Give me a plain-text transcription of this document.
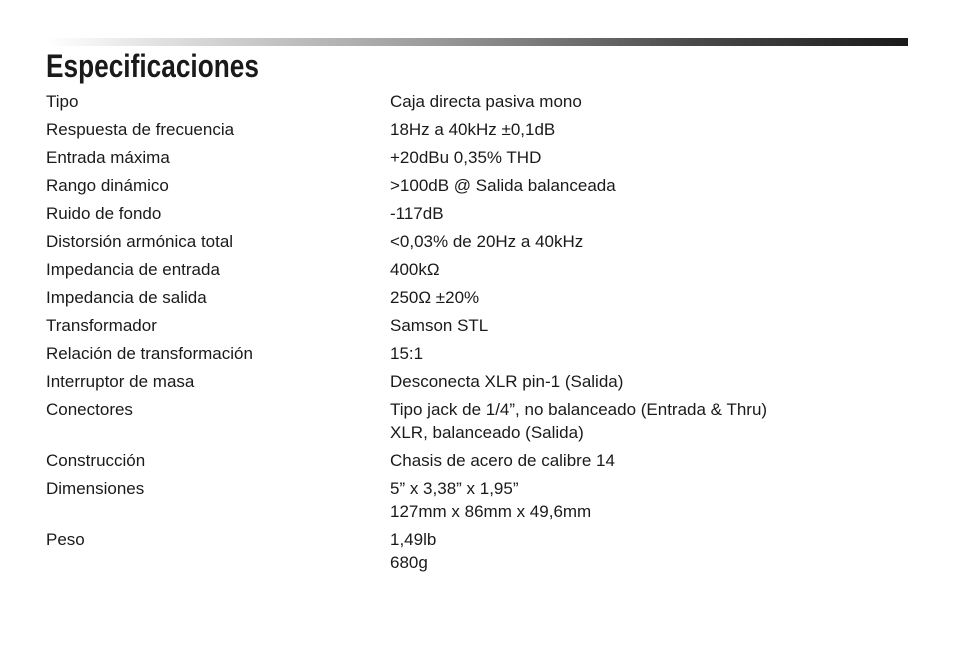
Especificaciones
Tipo	Caja directa pasiva mono
Respuesta de frecuencia	18Hz a 40kHz ±0,1dB
Entrada máxima	+20dBu 0,35% THD
Rango dinámico	>100dB @ Salida balanceada
Ruido de fondo	-117dB
Distorsión armónica total	<0,03% de 20Hz a 40kHz
Impedancia de entrada	400kΩ
Impedancia de salida	250Ω ±20%
Transformador	Samson STL
Relación de transformación	15:1
Interruptor de masa	Desconecta XLR pin-1 (Salida)
Conectores	Tipo jack de 1/4”, no balanceado (Entrada & Thru)
XLR, balanceado (Salida)
Construcción	Chasis de acero de calibre 14
Dimensiones	5” x 3,38” x 1,95”
127mm x 86mm x 49,6mm
Peso	1,49lb
680g
